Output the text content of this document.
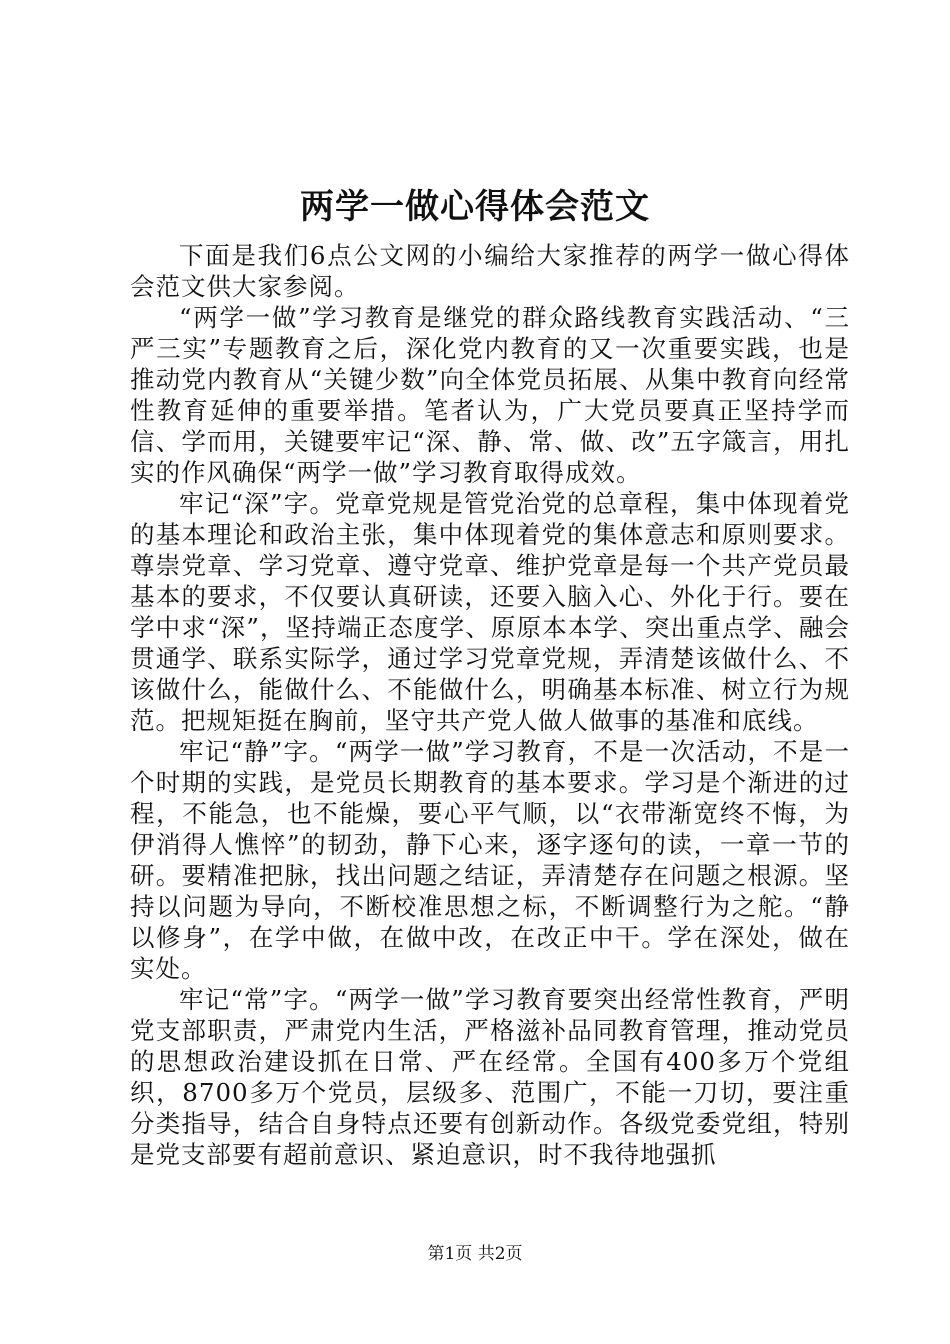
两学一做心得体会范文

下面是我们6点公文网的小编给大家推荐的两学一做心得体会范文供大家参阅。

“两学一做”学习教育是继党的群众路线教育实践活动、“三严三实”专题教育之后，深化党内教育的又一次重要实践，也是推动党内教育从“关键少数”向全体党员拓展、从集中教育向经常性教育延伸的重要举措。笔者认为，广大党员要真正坚持学而信、学而用，关键要牢记“深、静、常、做、改”五字箴言，用扎实的作风确保“两学一做”学习教育取得成效。

牢记“深”字。党章党规是管党治党的总章程，集中体现着党的基本理论和政治主张，集中体现着党的集体意志和原则要求。尊崇党章、学习党章、遵守党章、维护党章是每一个共产党员最基本的要求，不仅要认真研读，还要入脑入心、外化于行。要在学中求“深”，坚持端正态度学、原原本本学、突出重点学、融会贯通学、联系实际学，通过学习党章党规，弄清楚该做什么、不该做什么，能做什么、不能做什么，明确基本标准、树立行为规范。把规矩挺在胸前，坚守共产党人做人做事的基准和底线。

牢记“静”字。“两学一做”学习教育，不是一次活动，不是一个时期的实践，是党员长期教育的基本要求。学习是个渐进的过程，不能急，也不能燥，要心平气顺，以“衣带渐宽终不悔，为伊消得人憔悴”的韧劲，静下心来，逐字逐句的读，一章一节的研。要精准把脉，找出问题之结证，弄清楚存在问题之根源。坚持以问题为导向，不断校准思想之标，不断调整行为之舵。“静以修身”，在学中做，在做中改，在改正中干。学在深处，做在实处。

牢记“常”字。“两学一做”学习教育要突出经常性教育，严明党支部职责，严肃党内生活，严格滋补品同教育管理，推动党员的思想政治建设抓在日常、严在经常。全国有400多万个党组织，8700多万个党员，层级多、范围广，不能一刀切，要注重分类指导，结合自身特点还要有创新动作。各级党委党组，特别是党支部要有超前意识、紧迫意识，时不我待地强抓

第1页 共2页
